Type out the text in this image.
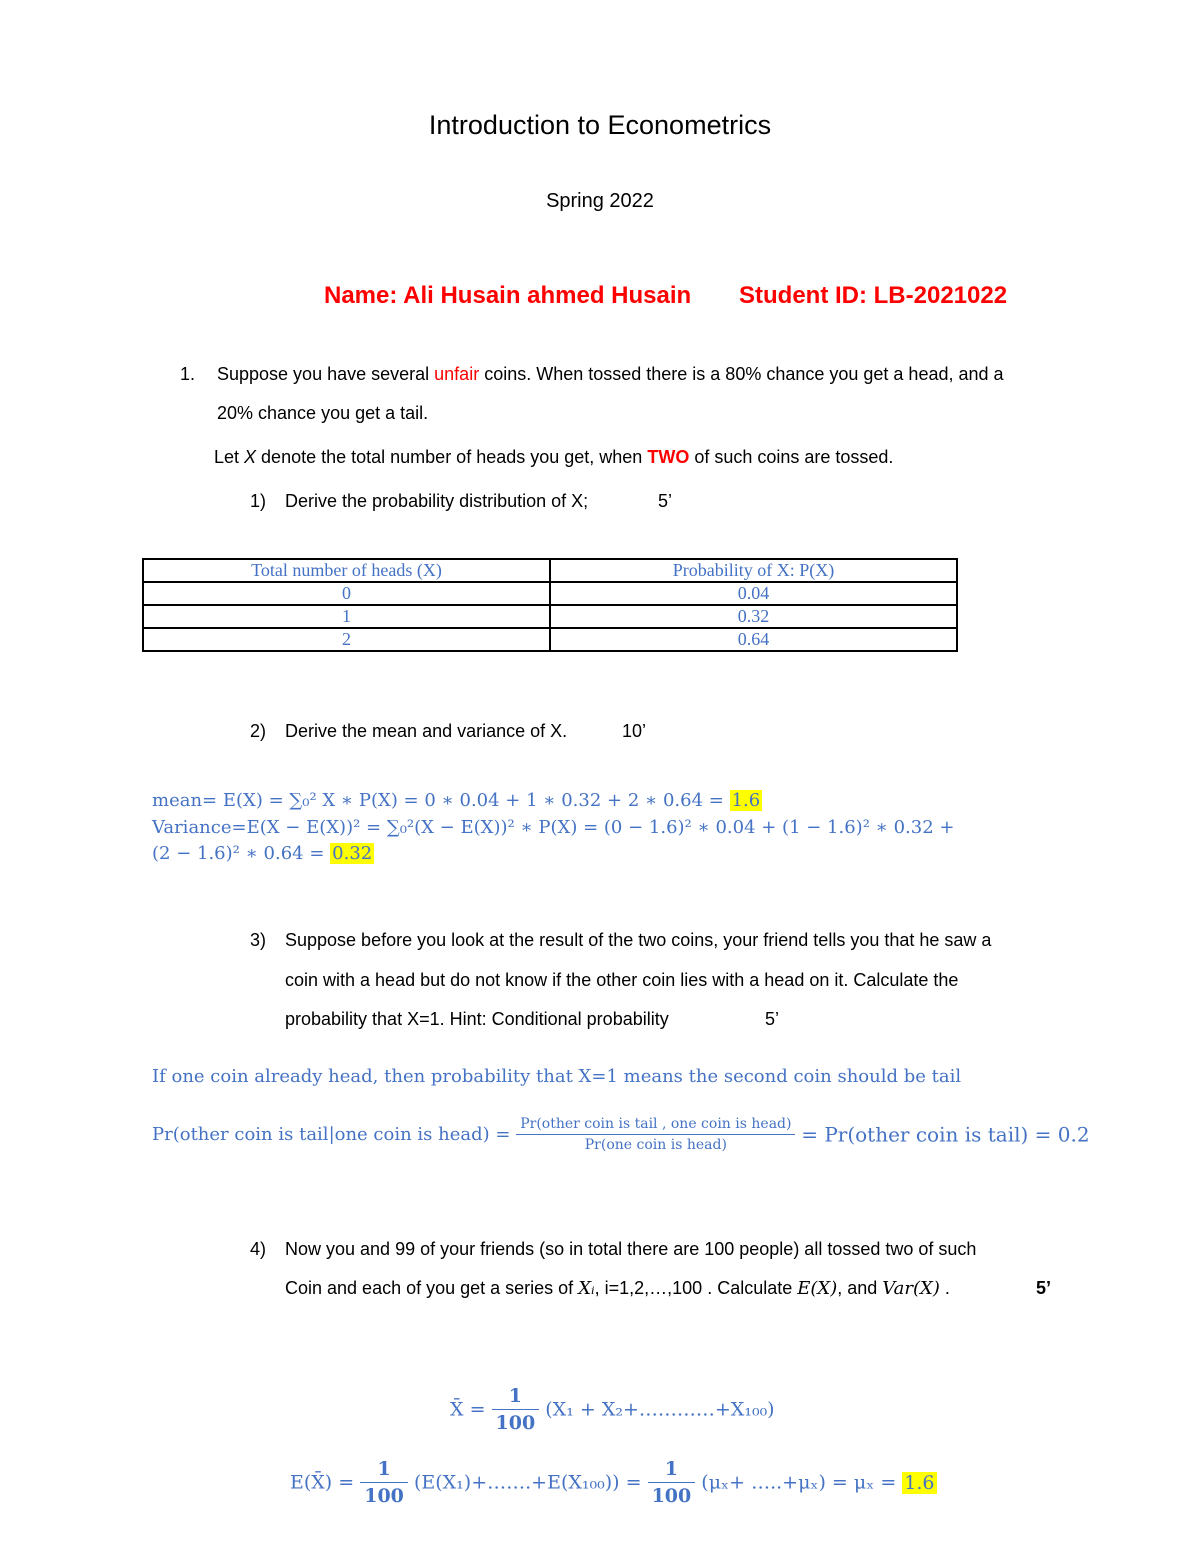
Introduction to Econometrics
Spring 2022
Name: Ali Husain ahmed Husain Student ID: LB-2021022
1. Suppose you have several unfair coins. When tossed there is a 80% chance you get a head, and a
20% chance you get a tail.
Let X denote the total number of heads you get, when TWO of such coins are tossed.
1) Derive the probability distribution of X;	5’
Total number of heads (X)	Probability of X: P(X)
0	0.04
1	0.32
2	0.64
2) Derive the mean and variance of X.	10’
mean= E(X) = ∑₀² X ∗ P(X) = 0 ∗ 0.04 + 1 ∗ 0.32 + 2 ∗ 0.64 = 1.6
Variance=E(X − E(X))² = ∑₀²(X − E(X))² ∗ P(X) = (0 − 1.6)² ∗ 0.04 + (1 − 1.6)² ∗ 0.32 +
(2 − 1.6)² ∗ 0.64 = 0.32
3) Suppose before you look at the result of the two coins, your friend tells you that he saw a
coin with a head but do not know if the other coin lies with a head on it. Calculate the
probability that X=1. Hint: Conditional probability	5’
If one coin already head, then probability that X=1 means the second coin should be tail
Pr(other coin is tail|one coin is head) = $\frac{\text{Pr(other coin is tail , one coin is head)}}{\text{Pr(one coin is head)}}$ = Pr(other coin is tail) = 0.2
4) Now you and 99 of your friends (so in total there are 100 people) all tossed two of such
Coin and each of you get a series of Xᵢ, i=1,2,…,100 . Calculate E(X), and Var(X) .	5’
X̄ = $\frac{1}{100} (X_1$ + X₂+…………+X₁₀₀)
E(X̄) = $\frac{1}{100}$ (E(X₁)+…….+E(X₁₀₀)) = $\frac{1}{100} (\mu_x+$ …..+μₓ) = μₓ = 1.6
